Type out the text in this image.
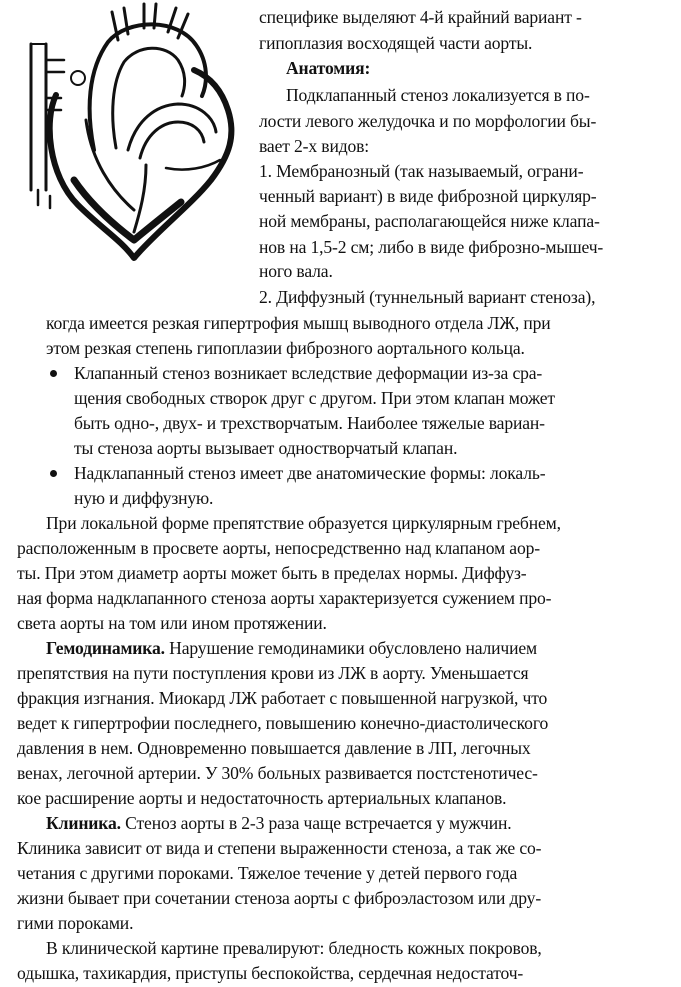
специфике выделяют 4-й крайний вариант -
гипоплазия восходящей части аорты.
Анатомия:
Подклапанный стеноз локализуется в по-
лости левого желудочка и по морфологии бы-
вает 2-х видов:
1. Мембранозный (так называемый, ограни-
ченный вариант) в виде фиброзной циркуляр-
ной мембраны, располагающейся ниже клапа-
нов на 1,5-2 см; либо в виде фиброзно-мышеч-
ного вала.
2. Диффузный (туннельный вариант стеноза),
когда имеется резкая гипертрофия мышц выводного отдела ЛЖ, при
этом резкая степень гипоплазии фиброзного аортального кольца.
Клапанный стеноз возникает вследствие деформации из-за сра-
щения свободных створок друг с другом. При этом клапан может
быть одно-, двух- и трехстворчатым. Наиболее тяжелые вариан-
ты стеноза аорты вызывает одностворчатый клапан.
Надклапанный стеноз имеет две анатомические формы: локаль-
ную и диффузную.
При локальной форме препятствие образуется циркулярным гребнем,
расположенным в просвете аорты, непосредственно над клапаном аор-
ты. При этом диаметр аорты может быть в пределах нормы. Диффуз-
ная форма надклапанного стеноза аорты характеризуется сужением про-
света аорты на том или ином протяжении.
Гемодинамика. Нарушение гемодинамики обусловлено наличием
препятствия на пути поступления крови из ЛЖ в аорту. Уменьшается
фракция изгнания. Миокард ЛЖ работает с повышенной нагрузкой, что
ведет к гипертрофии последнего, повышению конечно-диастолического
давления в нем. Одновременно повышается давление в ЛП, легочных
венах, легочной артерии. У 30% больных развивается постстенотичес-
кое расширение аорты и недостаточность артериальных клапанов.
Клиника. Стеноз аорты в 2-3 раза чаще встречается у мужчин.
Клиника зависит от вида и степени выраженности стеноза, а так же со-
четания с другими пороками. Тяжелое течение у детей первого года
жизни бывает при сочетании стеноза аорты с фиброэластозом или дру-
гими пороками.
В клинической картине превалируют: бледность кожных покровов,
одышка, тахикардия, приступы беспокойства, сердечная недостаточ-
